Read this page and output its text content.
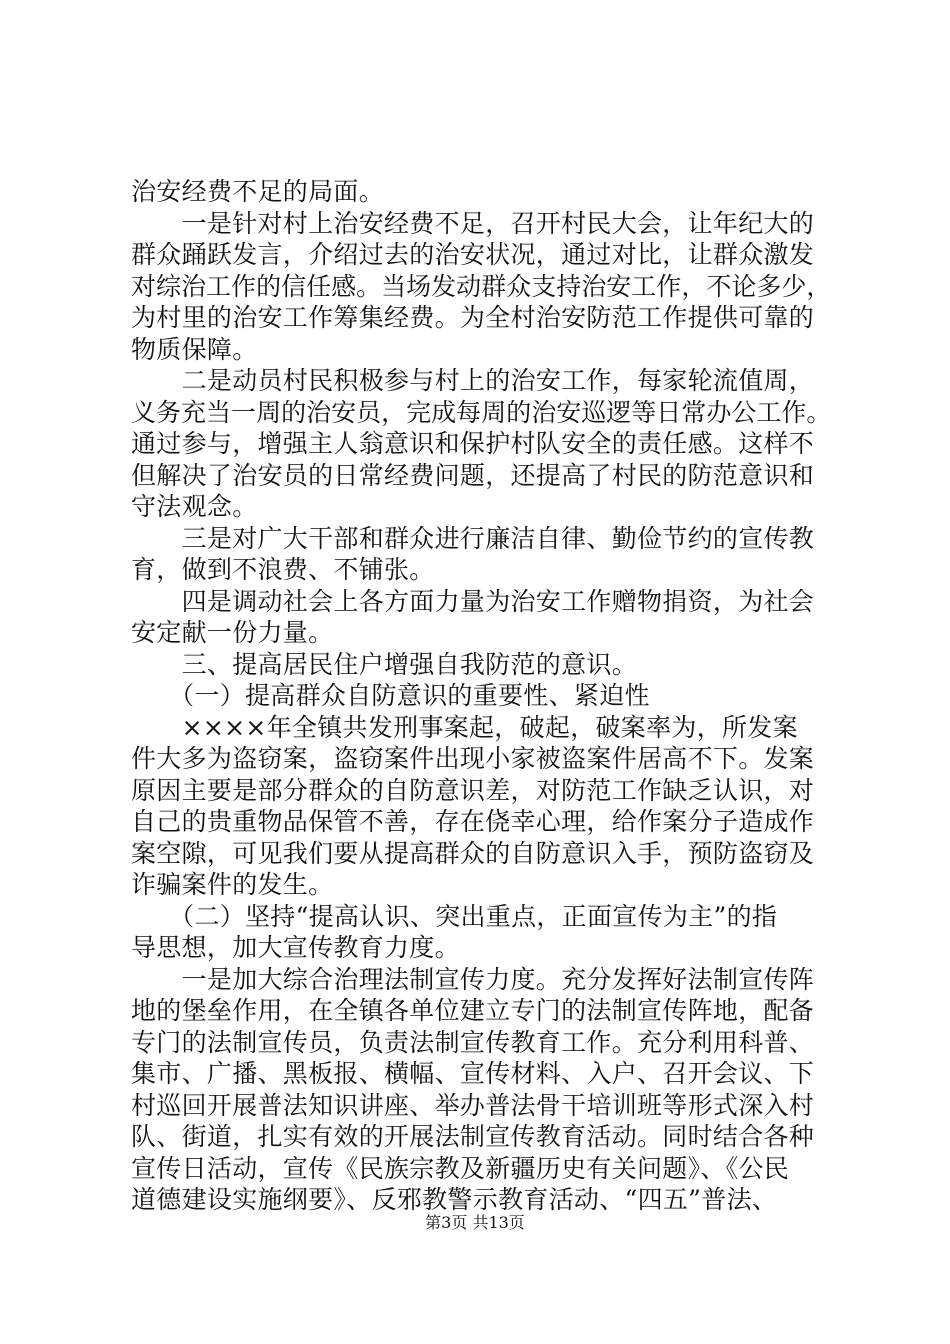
治安经费不足的局面。
　　一是针对村上治安经费不足，召开村民大会，让年纪大的
群众踊跃发言，介绍过去的治安状况，通过对比，让群众激发
对综治工作的信任感。当场发动群众支持治安工作，不论多少，
为村里的治安工作筹集经费。为全村治安防范工作提供可靠的
物质保障。
　　二是动员村民积极参与村上的治安工作，每家轮流值周，
义务充当一周的治安员，完成每周的治安巡逻等日常办公工作。
通过参与，增强主人翁意识和保护村队安全的责任感。这样不
但解决了治安员的日常经费问题，还提高了村民的防范意识和
守法观念。
　　三是对广大干部和群众进行廉洁自律、勤俭节约的宣传教
育，做到不浪费、不铺张。
　　四是调动社会上各方面力量为治安工作赠物捐资，为社会
安定献一份力量。
　　三、提高居民住户增强自我防范的意识。
　　（一）提高群众自防意识的重要性、紧迫性
　　××××年全镇共发刑事案起，破起，破案率为，所发案
件大多为盗窃案，盗窃案件出现小家被盗案件居高不下。发案
原因主要是部分群众的自防意识差，对防范工作缺乏认识，对
自己的贵重物品保管不善，存在侥幸心理，给作案分子造成作
案空隙，可见我们要从提高群众的自防意识入手，预防盗窃及
诈骗案件的发生。
　　（二）坚持“提高认识、突出重点，正面宣传为主”的指
导思想，加大宣传教育力度。
　　一是加大综合治理法制宣传力度。充分发挥好法制宣传阵
地的堡垒作用，在全镇各单位建立专门的法制宣传阵地，配备
专门的法制宣传员，负责法制宣传教育工作。充分利用科普、
集市、广播、黑板报、横幅、宣传材料、入户、召开会议、下
村巡回开展普法知识讲座、举办普法骨干培训班等形式深入村
队、街道，扎实有效的开展法制宣传教育活动。同时结合各种
宣传日活动，宣传《民族宗教及新疆历史有关问题》、《公民
道德建设实施纲要》、反邪教警示教育活动、“四五”普法、
第3页 共13页
